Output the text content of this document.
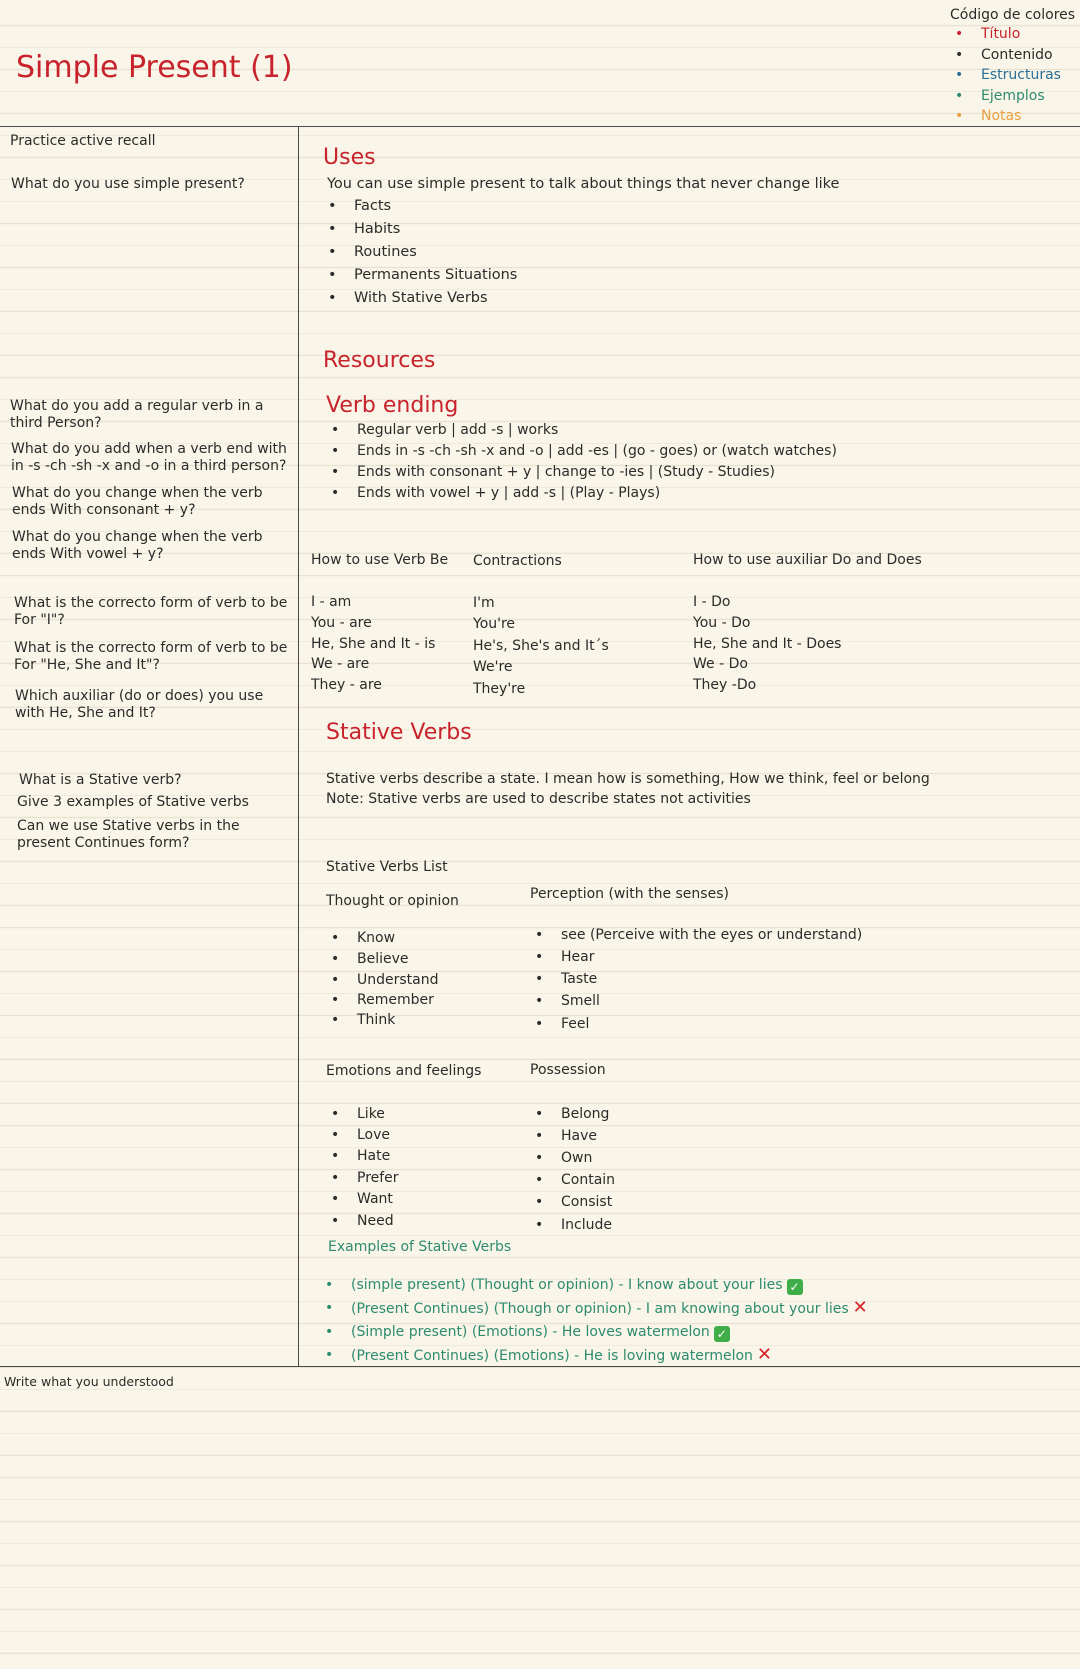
Simple Present (1)
Código de colores
Título
Contenido
Estructuras
Ejemplos
Notas
Practice active recall
What do you use simple present?
What do you add a regular verb in a third Person?
What do you add when a verb end with in -s -ch -sh -x and -o in a third person?
What do you change when the verb ends With consonant + y?
What do you change when the verb ends With vowel + y?
What is the correcto form of verb to be For "I"?
What is the correcto form of verb to be For "He, She and It"?
Which auxiliar (do or does) you use with He, She and It?
What is a Stative verb?
Give 3 examples of Stative verbs
Can we use Stative verbs in the present Continues form?
Uses
You can use simple present to talk about things that never change like
Facts
Habits
Routines
Permanents Situations
With Stative Verbs
Resources
Verb ending
Regular verb | add -s | works
Ends in -s -ch -sh -x and -o | add -es | (go - goes) or (watch watches)
Ends with consonant + y | change to -ies | (Study - Studies)
Ends with vowel + y | add -s | (Play - Plays)
How to use Verb Be
I - am
You - are
He, She and It - is
We - are
They - are
Contractions
I'm
You're
He's, She's and It´s
We're
They're
How to use auxiliar Do and Does
I - Do
You - Do
He, She and It - Does
We - Do
They -Do
Stative Verbs
Stative verbs describe a state. I mean how is something, How we think, feel or belong
Note: Stative verbs are used to describe states not activities
Stative Verbs List
Thought or opinion
Know
Believe
Understand
Remember
Think
Perception (with the senses)
see (Perceive with the eyes or understand)
Hear
Taste
Smell
Feel
Emotions and feelings
Like
Love
Hate
Prefer
Want
Need
Possession
Belong
Have
Own
Contain
Consist
Include
Examples of Stative Verbs
(simple present) (Thought or opinion) - I know about your lies ✓
(Present Continues) (Though or opinion) - I am knowing about your lies ✕
(Simple present) (Emotions) - He loves watermelon ✓
(Present Continues) (Emotions) - He is loving watermelon ✕
Write what you understood
